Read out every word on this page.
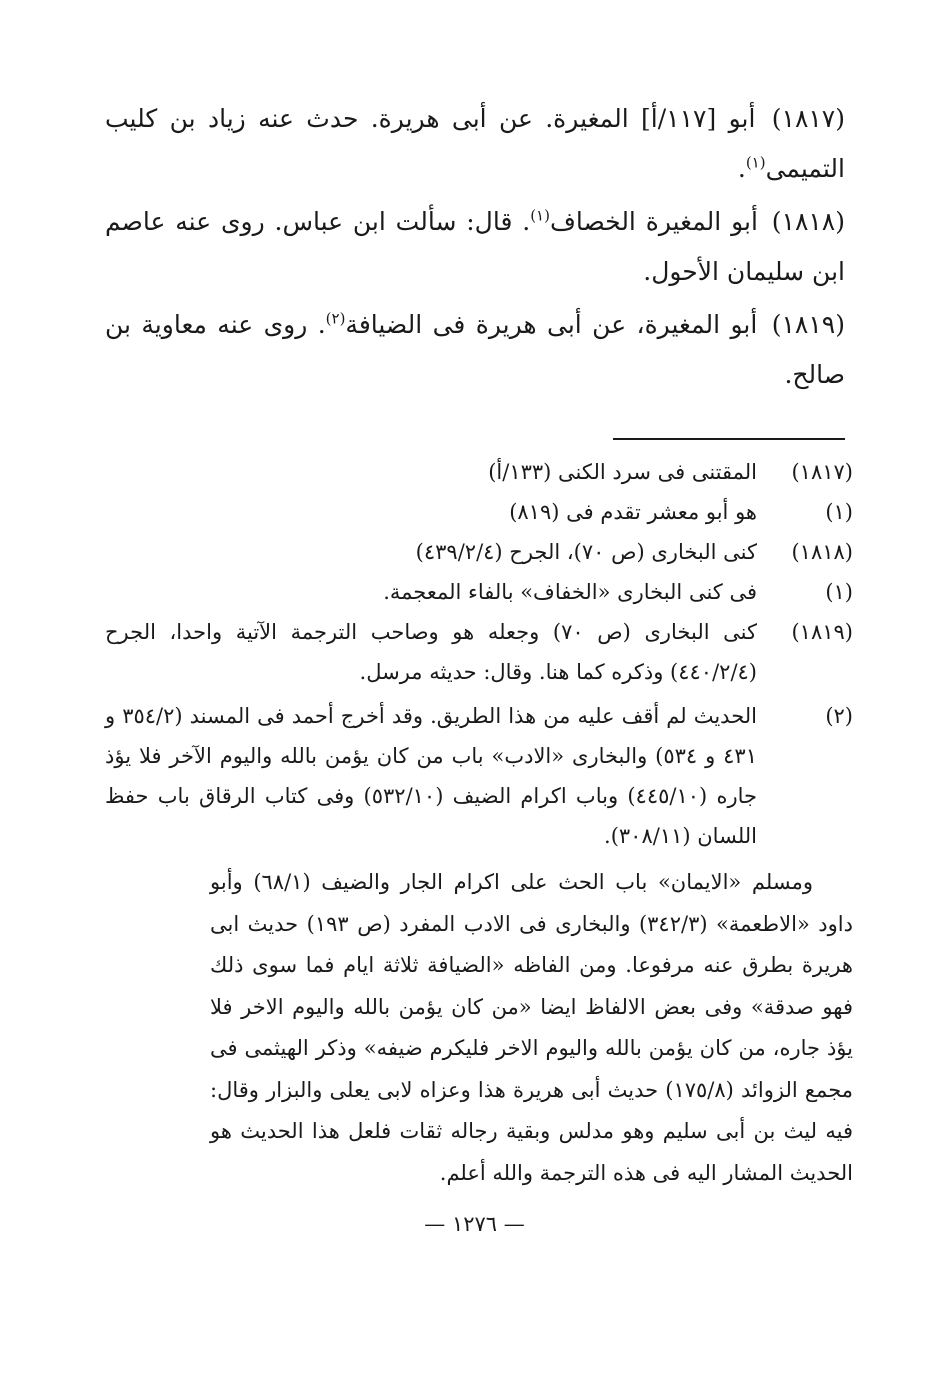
(١٨١٧) أبو [١١٧/أ] المغيرة. عن أبى هريرة. حدث عنه زياد بن كليب التميمى$^{(١)}$.

(١٨١٨) أبو المغيرة الخصاف$^{(١)}$. قال: سألت ابن عباس. روى عنه عاصم ابن سليمان الأحول.

(١٨١٩) أبو المغيرة، عن أبى هريرة فى الضيافة$^{(٢)}$. روى عنه معاوية بن صالح.

(١٨١٧)
المقتنى فى سرد الكنى (١٣٣/أ)
(١)
هو أبو معشر تقدم فى (٨١٩)
(١٨١٨)
كنى البخارى (ص ٧٠)، الجرح (٤٣٩/٢/٤)
(١)
فى كنى البخارى «الخفاف» بالفاء المعجمة.
(١٨١٩)
كنى البخارى (ص ٧٠) وجعله هو وصاحب الترجمة الآتية واحدا، الجرح (٤٤٠/٢/٤) وذكره كما هنا. وقال: حديثه مرسل.
(٢)
الحديث لم أقف عليه من هذا الطريق. وقد أخرج أحمد فى المسند (٣٥٤/٢ و ٤٣١ و ٥٣٤) والبخارى «الادب» باب من كان يؤمن بالله واليوم الآخر فلا يؤذ جاره (٤٤٥/١٠) وباب اكرام الضيف (٥٣٢/١٠) وفى كتاب الرقاق باب حفظ اللسان (٣٠٨/١١).

ومسلم «الايمان» باب الحث على اكرام الجار والضيف (٦٨/١) وأبو داود «الاطعمة» (٣٤٢/٣) والبخارى فى الادب المفرد (ص ١٩٣) حديث ابى هريرة بطرق عنه مرفوعا. ومن الفاظه «الضيافة ثلاثة ايام فما سوى ذلك فهو صدقة» وفى بعض الالفاظ ايضا «من كان يؤمن بالله واليوم الاخر فلا يؤذ جاره، من كان يؤمن بالله واليوم الاخر فليكرم ضيفه» وذكر الهيثمى فى مجمع الزوائد (١٧٥/٨) حديث أبى هريرة هذا وعزاه لابى يعلى والبزار وقال: فيه ليث بن أبى سليم وهو مدلس وبقية رجاله ثقات فلعل هذا الحديث هو الحديث المشار اليه فى هذه الترجمة والله أعلم.

— ١٢٧٦ —
